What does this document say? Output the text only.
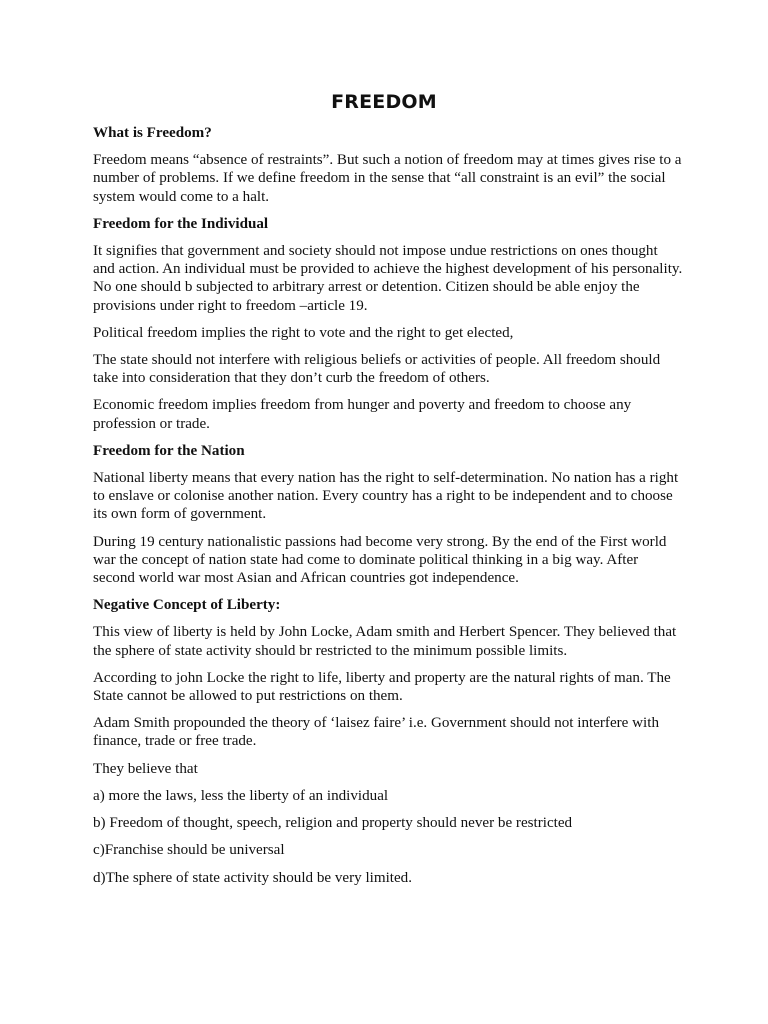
FREEDOM

What is Freedom?

Freedom means “absence of restraints”. But such a notion of freedom may at times gives rise to a number of problems. If we define freedom in the sense that “all constraint is an evil” the social system would come to a halt.

Freedom for the Individual

It signifies that government and society should not impose undue restrictions on ones thought and action. An individual must be provided to achieve the highest development of his personality. No one should b subjected to arbitrary arrest or detention. Citizen should be able enjoy the provisions under right to freedom –article 19.

Political freedom implies the right to vote and the right to get elected,

The state should not interfere with religious beliefs or activities of people. All freedom should take into consideration that they don’t curb the freedom of others.

Economic freedom implies freedom from hunger and poverty and freedom to choose any profession or trade.

Freedom for the Nation

National liberty means that every nation has the right to self-determination. No nation has a right to enslave or colonise another nation. Every country has a right to be independent and to choose its own form of government.

During 19 century nationalistic passions had become very strong. By the end of the First world war the concept of nation state had come to dominate political thinking in a big way. After second world war most Asian and African countries got independence.

Negative Concept of Liberty:

This view of liberty is held by John Locke, Adam smith and Herbert Spencer. They believed that the sphere of state activity should br restricted to the minimum possible limits.

According to john Locke the right to life, liberty and property are the natural rights of man. The State cannot be allowed to put restrictions on them.

Adam Smith propounded the theory of ‘laisez faire’ i.e. Government should not interfere with finance, trade or free trade.

They believe that

a) more the laws, less the liberty of an individual

b) Freedom of thought, speech, religion and property should never be restricted

c)Franchise should be universal

d)The sphere of state activity should be very limited.
